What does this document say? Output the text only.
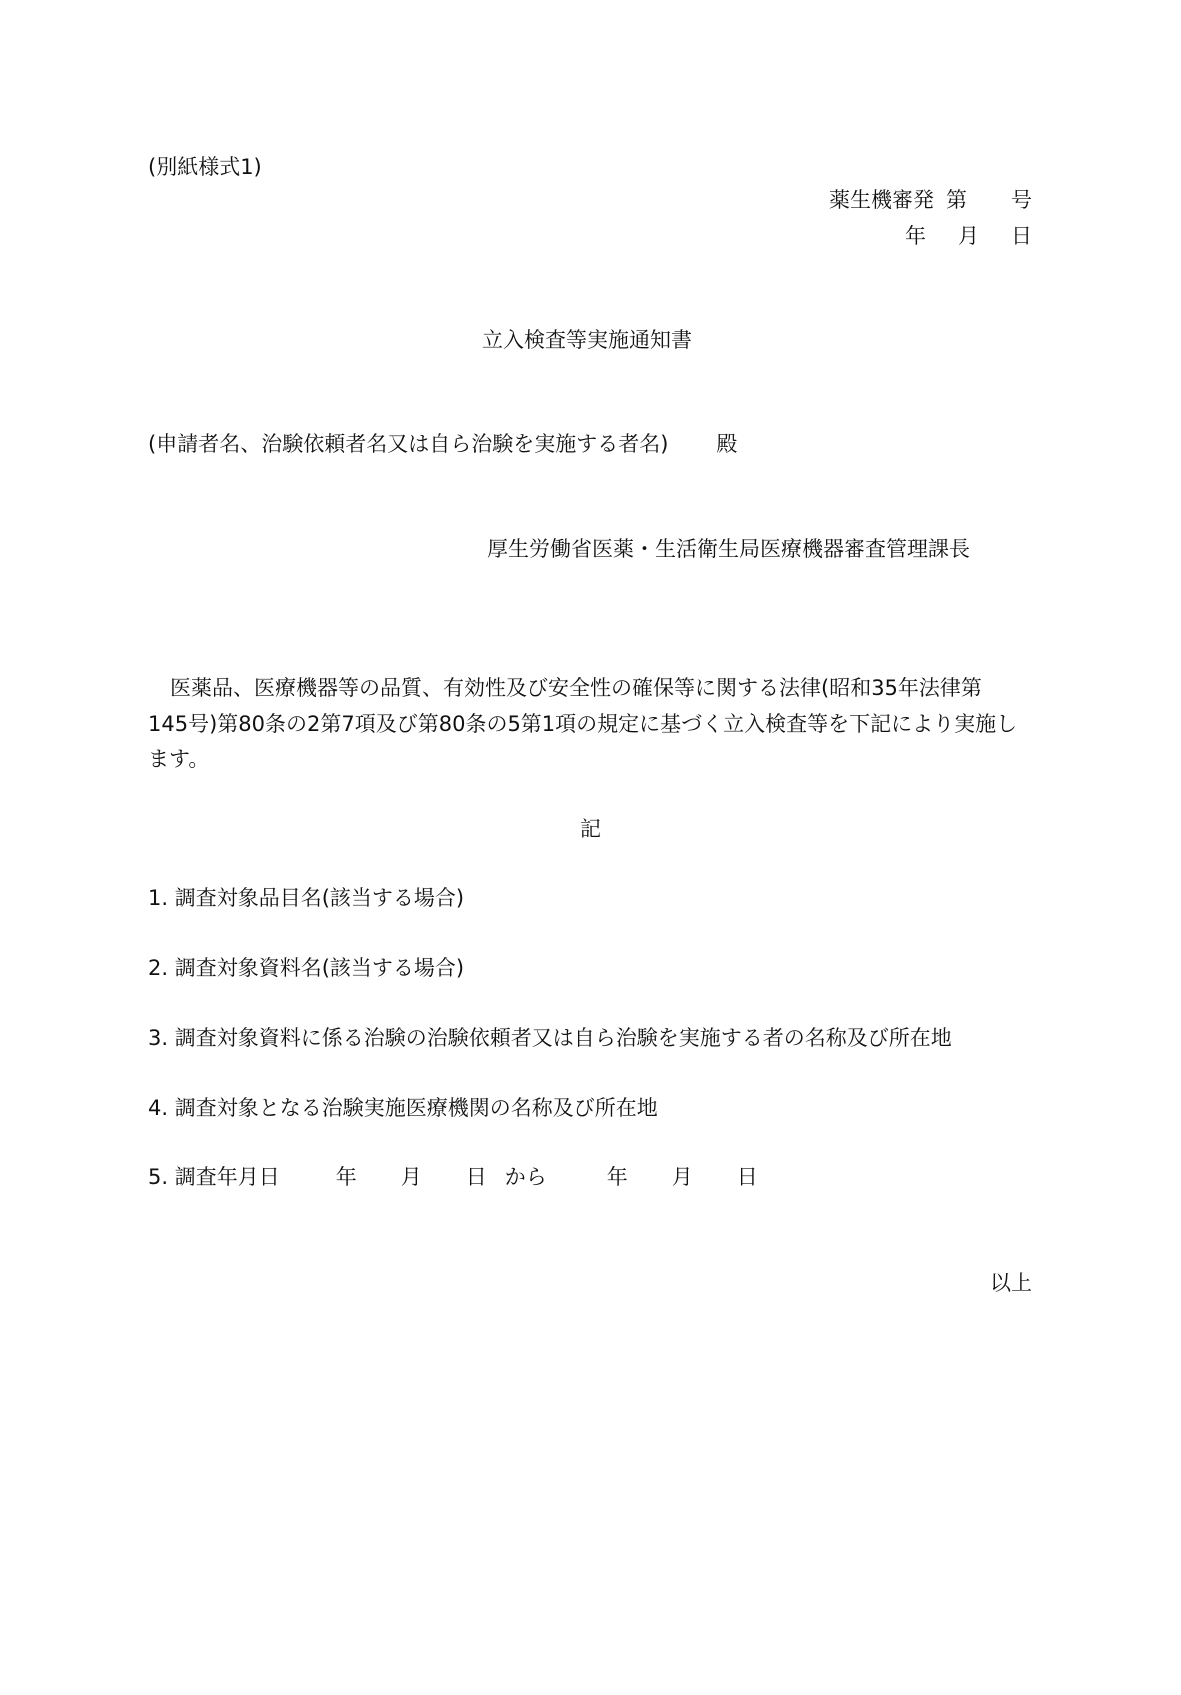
(別紙様式1)
薬生機審発 第 号
年 月 日
立入検査等実施通知書
(申請者名、治験依頼者名又は自ら治験を実施する者名) 殿
厚生労働省医薬・生活衛生局医療機器審査管理課長
医薬品、医療機器等の品質、有効性及び安全性の確保等に関する法律(昭和35年法律第
145号)第80条の2第7項及び第80条の5第1項の規定に基づく立入検査等を下記により実施し
ます。
記
1. 調査対象品目名(該当する場合)
2. 調査対象資料名(該当する場合)
3. 調査対象資料に係る治験の治験依頼者又は自ら治験を実施する者の名称及び所在地
4. 調査対象となる治験実施医療機関の名称及び所在地
5. 調査年月日	年 月 日 から	年 月 日
以上
